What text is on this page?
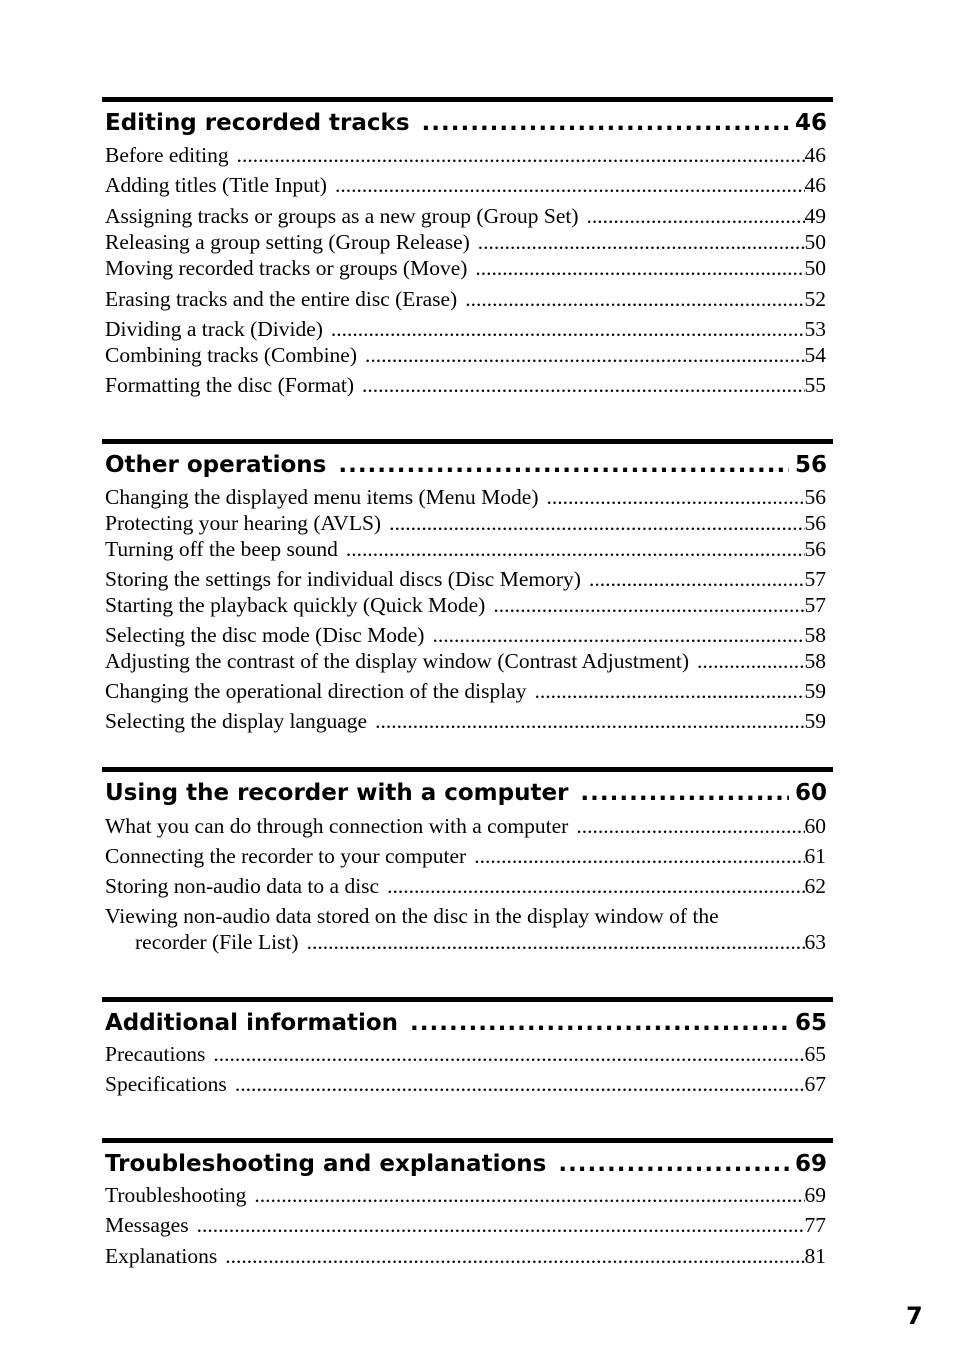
Editing recorded tracks .....	46
Before editing .....	46
Adding titles (Title Input) .....	46
Assigning tracks or groups as a new group (Group Set) .....	49
Releasing a group setting (Group Release) .....	50
Moving recorded tracks or groups (Move) .....	50
Erasing tracks and the entire disc (Erase) .....	52
Dividing a track (Divide) .....	53
Combining tracks (Combine) .....	54
Formatting the disc (Format) .....	55
Other operations .....	56
Changing the displayed menu items (Menu Mode) .....	56
Protecting your hearing (AVLS) .....	56
Turning off the beep sound .....	56
Storing the settings for individual discs (Disc Memory) .....	57
Starting the playback quickly (Quick Mode) .....	57
Selecting the disc mode (Disc Mode) .....	58
Adjusting the contrast of the display window (Contrast Adjustment) .....	58
Changing the operational direction of the display .....	59
Selecting the display language .....	59
Using the recorder with a computer .....	60
What you can do through connection with a computer .....	60
Connecting the recorder to your computer .....	61
Storing non-audio data to a disc .....	62
Viewing non-audio data stored on the disc in the display window of the
recorder (File List) .....	63
Additional information .....	65
Precautions .....	65
Specifications .....	67
Troubleshooting and explanations .....	69
Troubleshooting .....	69
Messages .....	77
Explanations .....	81
7
